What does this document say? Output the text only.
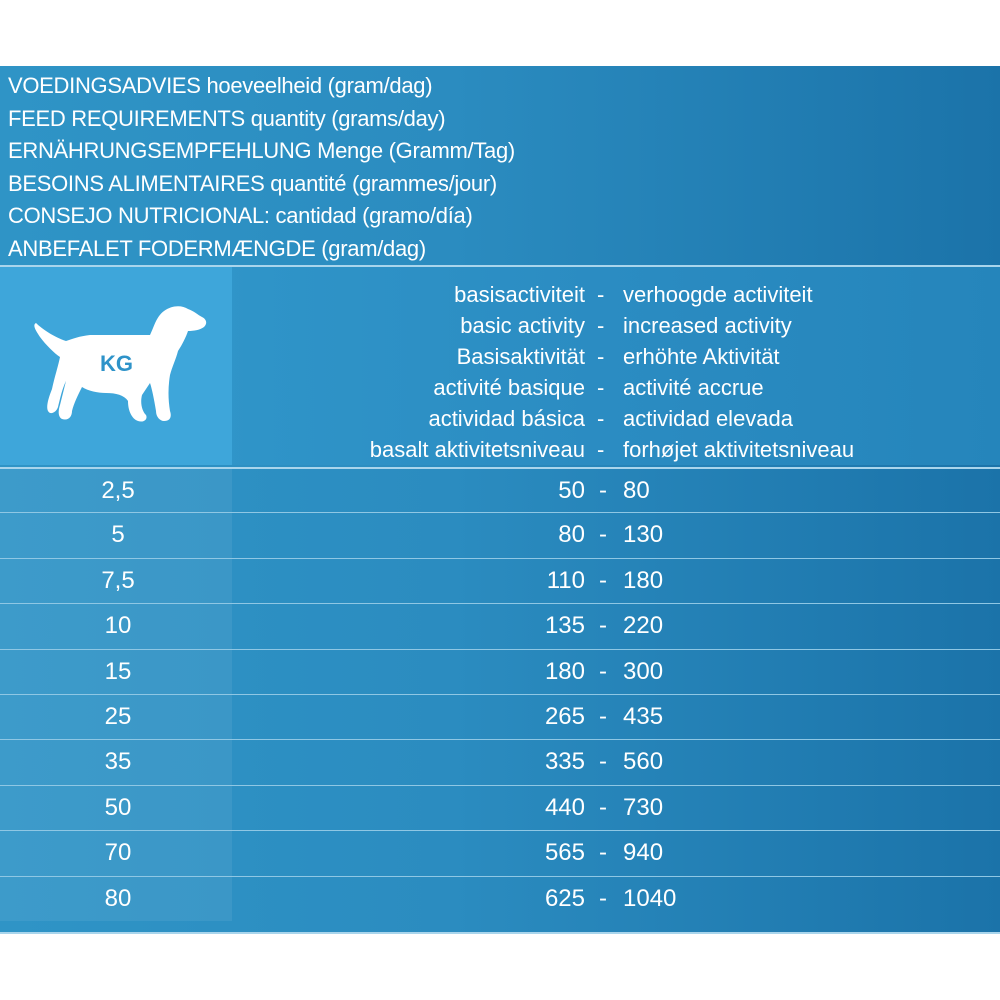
VOEDINGSADVIES hoeveelheid (gram/dag)
FEED REQUIREMENTS quantity (grams/day)
ERNÄHRUNGSEMPFEHLUNG Menge (Gramm/Tag)
BESOINS ALIMENTAIRES quantité (grammes/jour)
CONSEJO NUTRICIONAL: cantidad (gramo/día)
ANBEFALET FODERMÆNGDE (gram/dag)
KG
basisactiviteit - verhoogde activiteit
basic activity - increased activity
Basisaktivität - erhöhte Aktivität
activité basique - activité accrue
actividad básica - actividad elevada
basalt aktivitetsniveau - forhøjet aktivitetsniveau
2,5	50 - 80
5	80 - 130
7,5	110 - 180
10	135 - 220
15	180 - 300
25	265 - 435
35	335 - 560
50	440 - 730
70	565 - 940
80	625 - 1040
